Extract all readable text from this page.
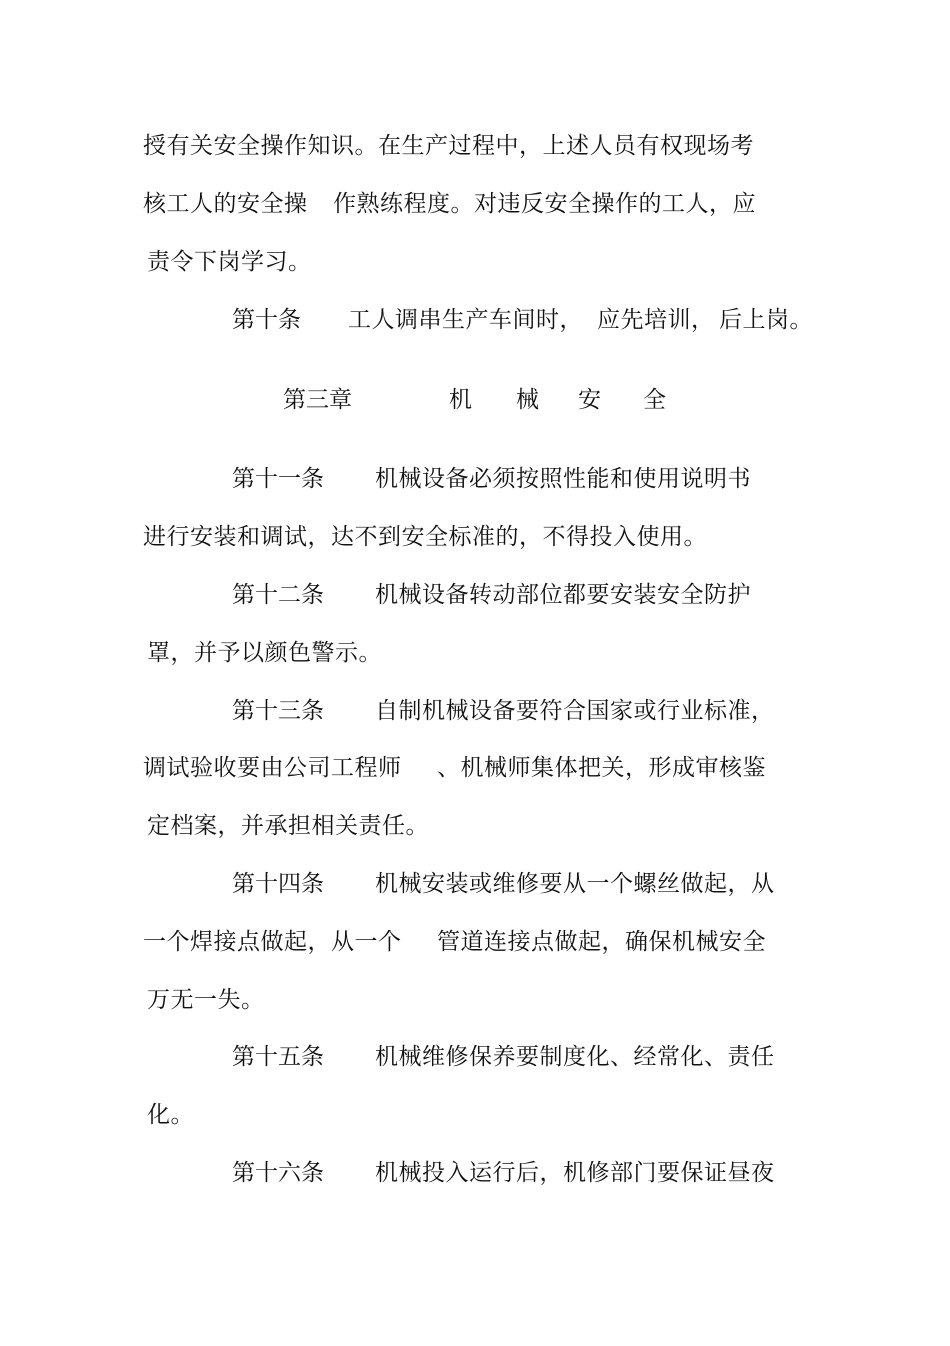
授有关安全操作知识。在生产过程中，上述人员有权现场考
核工人的安全操 作熟练程度。对违反安全操作的工人，应
责令下岗学习。
第十条 工人调串生产车间时， 应先培训， 后上岗。
第三章	机 械 安 全
第十一条 机械设备必须按照性能和使用说明书
进行安装和调试，达不到安全标准的，不得投入使用。
第十二条 机械设备转动部位都要安装安全防护
罩，并予以颜色警示。
第十三条 自制机械设备要符合国家或行业标准，
调试验收要由公司工程师 、机械师集体把关，形成审核鉴
定档案，并承担相关责任。
第十四条 机械安装或维修要从一个螺丝做起，从
一个焊接点做起，从一个 管道连接点做起，确保机械安全
万无一失。
第十五条 机械维修保养要制度化、经常化、责任
化。
第十六条 机械投入运行后，机修部门要保证昼夜
